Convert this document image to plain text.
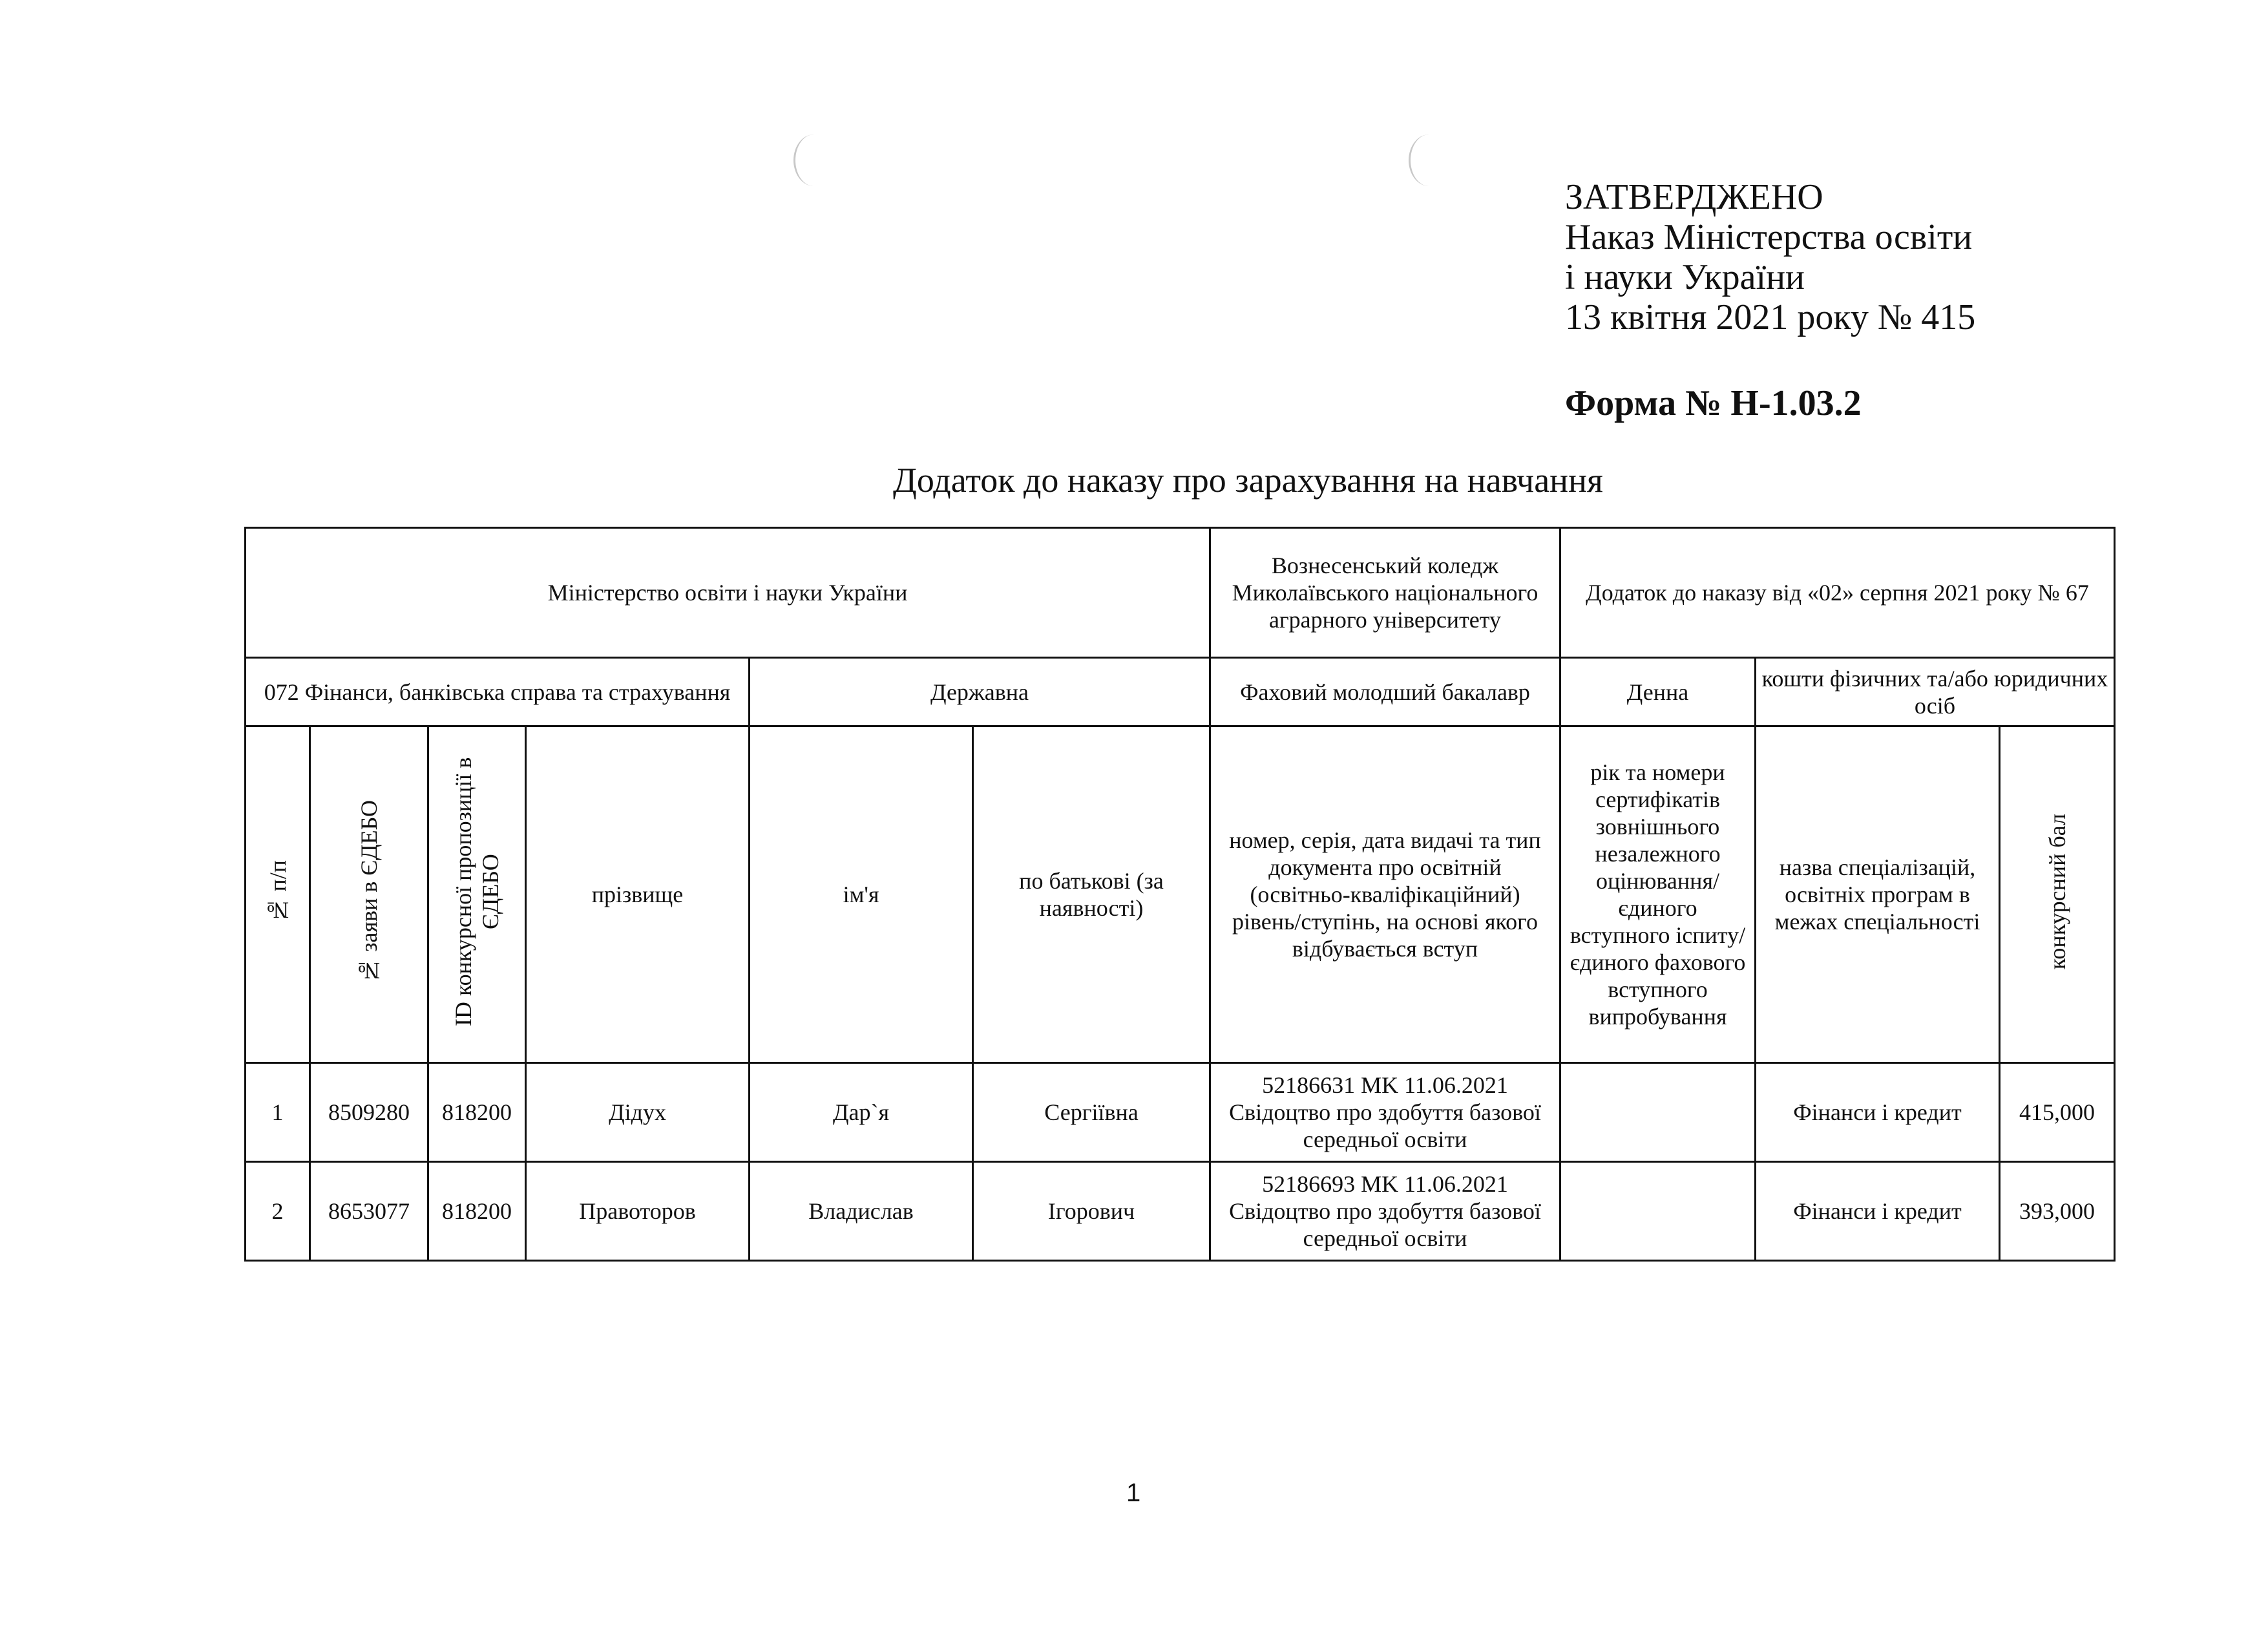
ЗАТВЕРДЖЕНО
Наказ Міністерства освіти
і науки України
13 квітня 2021 року № 415
Форма № Н-1.03.2
Додаток до наказу про зарахування на навчання
Міністерство освіти і науки України						Вознесенський коледж Миколаївського національного аграрного університету	Додаток до наказу від «02» серпня 2021 року № 67		
072 Фінанси, банківська справа та страхування				Державна		Фаховий молодший бакалавр	Денна	кошти фізичних та/або юридичних осіб	
№ п/п	№ заяви в ЄДЕБО	ID конкурсної пропозиції в ЄДЕБО	прізвище	ім'я	по батькові (за наявності)	номер, серія, дата видачі та тип документа про освітній (освітньо-кваліфікаційний) рівень/ступінь, на основі якого відбувається вступ	рік та номери сертифікатів зовнішнього незалежного оцінювання/ єдиного вступного іспиту/ єдиного фахового вступного випробування	назва спеціалізацій, освітніх програм в межах спеціальності	конкурсний бал
1	8509280	818200	Дідух	Дар`я	Сергіївна	52186631 MK 11.06.2021 Свідоцтво про здобуття базової середньої освіти		Фінанси і кредит	415,000
2	8653077	818200	Правоторов	Владислав	Ігорович	52186693 MK 11.06.2021 Свідоцтво про здобуття базової середньої освіти		Фінанси і кредит	393,000
1
